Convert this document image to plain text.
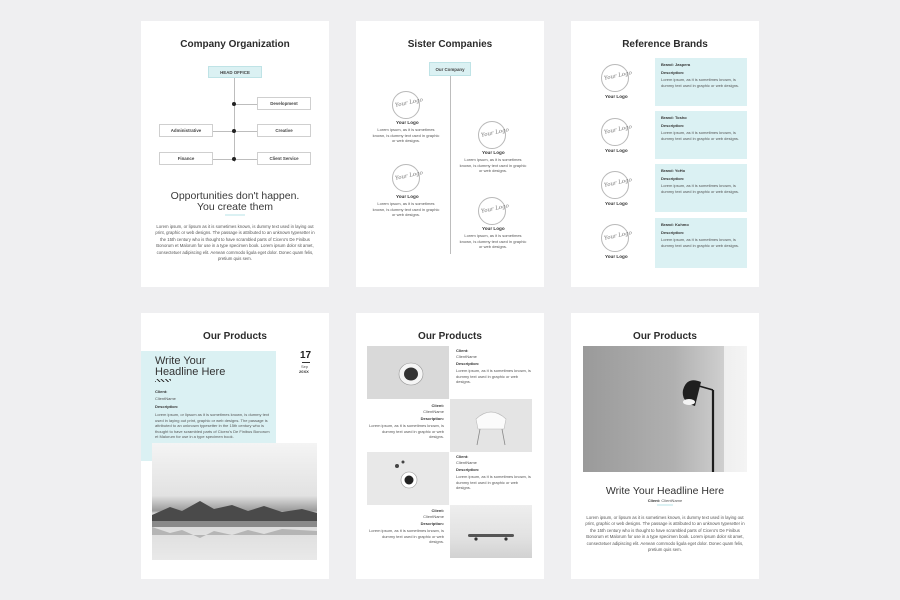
Company Organization
HEAD OFFICE
Development
Administrative	Creative
Finance	Client Service
Opportunities don't happen.
You create them
Lorem ipsum, or lipsum as it is sometimes known, is dummy text used in laying out print, graphic or web designs. The passage is attributed to an unknown typesetter in the 15th century who is thought to have scrambled parts of Cicero's De Finibus Bonorum et Malorum for use in a type specimen book. Lorem ipsum dolor sit amet, consectetuer adipiscing elit. Aenean commodo ligula eget dolor. Donec quam felis, pretium quis sem.
Sister Companies
Our Company
Your Logo
Your Logo
Lorem ipsum, as it is sometimes known, is dummy text used in graphic or web designs.
Your Logo
Your Logo
Lorem ipsum, as it is sometimes known, is dummy text used in graphic or web designs.
Your Logo
Your Logo
Lorem ipsum, as it is sometimes known, is dummy text used in graphic or web designs.
Your Logo
Your Logo
Lorem ipsum, as it is sometimes known, is dummy text used in graphic or web designs.
Reference Brands
Your Logo
Your Logo
Brand: Jaspera
Description:
Lorem ipsum, as it is sometimes known, is dummy text used in graphic or web designs.
Your Logo
Your Logo
Brand: Tosho
Description:
Lorem ipsum, as it is sometimes known, is dummy text used in graphic or web designs.
Your Logo
Your Logo
Brand: YoHo
Description:
Lorem ipsum, as it is sometimes known, is dummy text used in graphic or web designs.
Your Logo
Your Logo
Brand: Kuhmo
Description:
Lorem ipsum, as it is sometimes known, is dummy text used in graphic or web designs.
Our Products
Write Your
Headline Here
17
Sep
20XX
Client:
ClientName
Description:
Lorem ipsum, or lipsum as it is sometimes known, is dummy text used in laying out print, graphic or web designs. The passage is attributed to an unknown typesetter in the 15th century who is thought to have scrambled parts of Cicero's De Finibus Bonorum et Malorum for use in a type specimen book.
Our Products
Client:
ClientName
Description:
Lorem ipsum, as it is sometimes known, is dummy text used in graphic or web designs.
Client:
ClientName
Description:
Lorem ipsum, as it is sometimes known, is dummy text used in graphic or web designs.
Client:
ClientName
Description:
Lorem ipsum, as it is sometimes known, is dummy text used in graphic or web designs.
Client:
ClientName
Description:
Lorem ipsum, as it is sometimes known, is dummy text used in graphic or web designs.
Our Products
Write Your Headline Here
Client: ClientName
Lorem ipsum, or lipsum as it is sometimes known, is dummy text used in laying out print, graphic or web designs. The passage is attributed to an unknown typesetter in the 15th century who is thought to have scrambled parts of Cicero's De Finibus Bonorum et Malorum for use in a type specimen book. Lorem ipsum dolor sit amet, consectetuer adipiscing elit. Aenean commodo ligula eget dolor. Donec quam felis, pretium quis sem.
